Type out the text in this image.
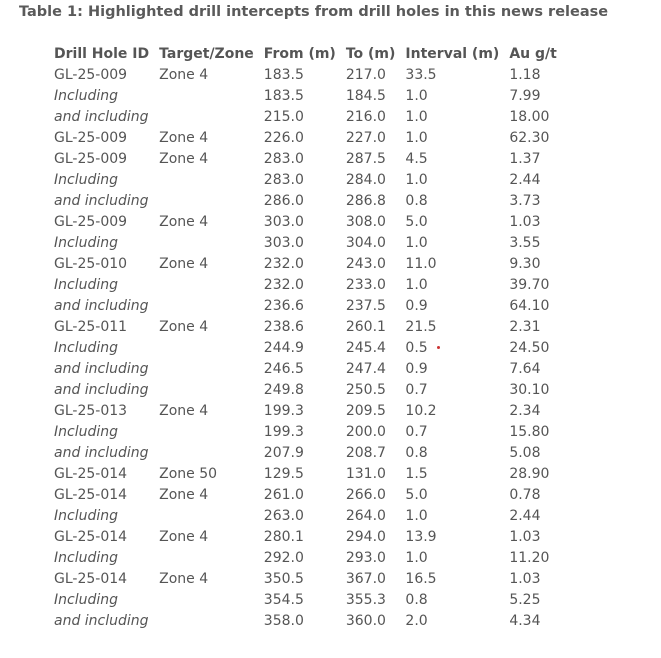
Table 1: Highlighted drill intercepts from drill holes in this news release
Drill Hole ID	Target/Zone	From (m)	To (m)	Interval (m)	Au g/t
GL-25-009	Zone 4	183.5	217.0	33.5	1.18
Including		183.5	184.5	1.0	7.99
and including		215.0	216.0	1.0	18.00
GL-25-009	Zone 4	226.0	227.0	1.0	62.30
GL-25-009	Zone 4	283.0	287.5	4.5	1.37
Including		283.0	284.0	1.0	2.44
and including		286.0	286.8	0.8	3.73
GL-25-009	Zone 4	303.0	308.0	5.0	1.03
Including		303.0	304.0	1.0	3.55
GL-25-010	Zone 4	232.0	243.0	11.0	9.30
Including		232.0	233.0	1.0	39.70
and including		236.6	237.5	0.9	64.10
GL-25-011	Zone 4	238.6	260.1	21.5	2.31
Including		244.9	245.4	0.5	24.50
and including		246.5	247.4	0.9	7.64
and including		249.8	250.5	0.7	30.10
GL-25-013	Zone 4	199.3	209.5	10.2	2.34
Including		199.3	200.0	0.7	15.80
and including		207.9	208.7	0.8	5.08
GL-25-014	Zone 50	129.5	131.0	1.5	28.90
GL-25-014	Zone 4	261.0	266.0	5.0	0.78
Including		263.0	264.0	1.0	2.44
GL-25-014	Zone 4	280.1	294.0	13.9	1.03
Including		292.0	293.0	1.0	11.20
GL-25-014	Zone 4	350.5	367.0	16.5	1.03
Including		354.5	355.3	0.8	5.25
and including		358.0	360.0	2.0	4.34
